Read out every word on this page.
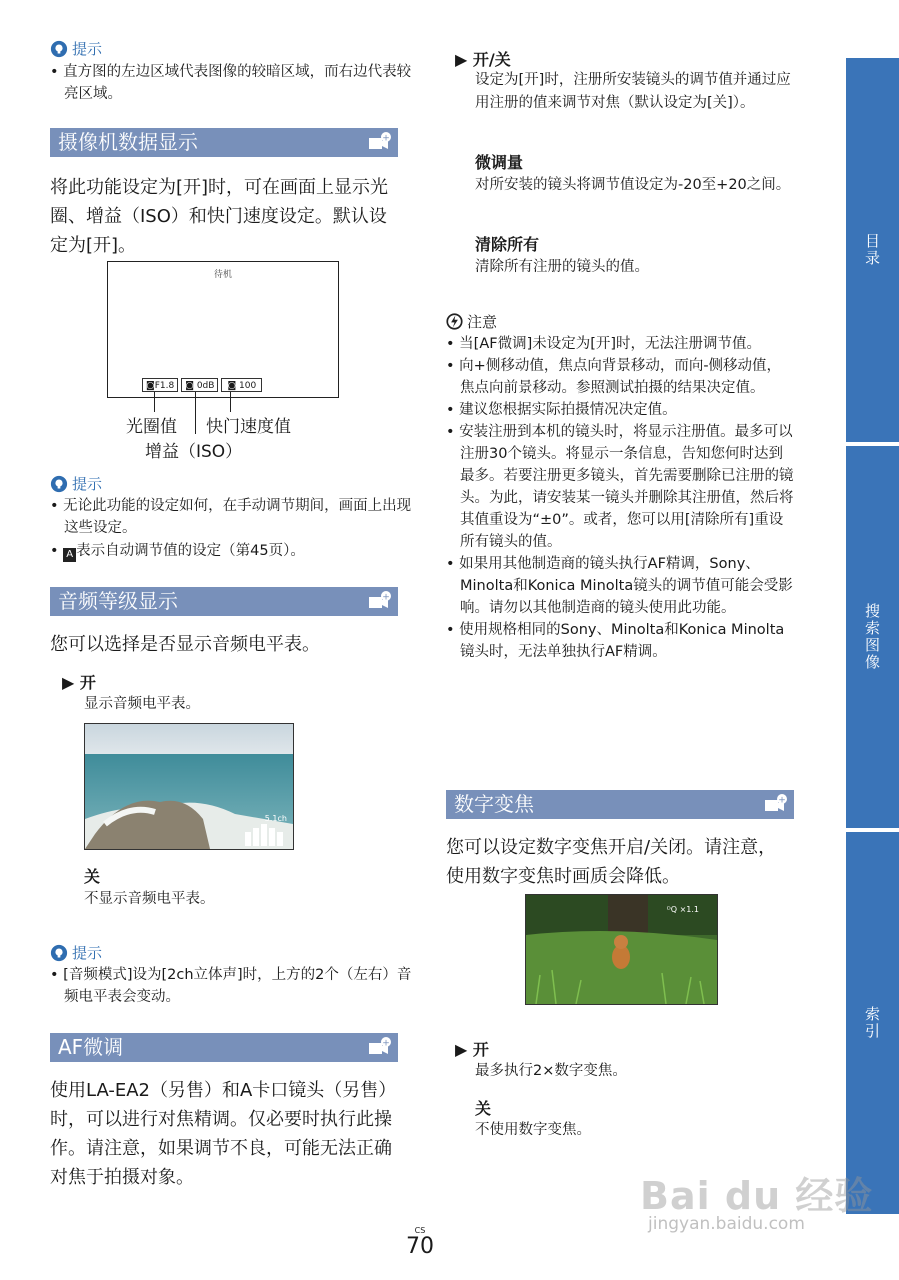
提示
• 直方图的左边区域代表图像的较暗区域，而右边代表较亮区域。
摄像机数据显示	+
将此功能设定为[开]时，可在画面上显示光圈、增益（ISO）和快门速度设定。默认设定为[开]。
待机
◙F1.8	◙ 0dB	◙ 100
光圈值 快门速度值
增益（ISO）
提示
• 无论此功能的设定如何，在手动调节期间，画面上出现这些设定。
• A 表示自动调节值的设定（第45页）。
音频等级显示	+
您可以选择是否显示音频电平表。
▶ 开
显示音频电平表。
5.1ch
关
不显示音频电平表。
提示
• [音频模式]设为[2ch立体声]时，上方的2个（左右）音频电平表会变动。
AF微调	+
使用LA-EA2（另售）和A卡口镜头（另售）时，可以进行对焦精调。仅必要时执行此操作。请注意，如果调节不良，可能无法正确对焦于拍摄对象。
▶ 开/关
设定为[开]时，注册所安装镜头的调节值并通过应用注册的值来调节对焦（默认设定为[关]）。
微调量
对所安装的镜头将调节值设定为-20至+20之间。
清除所有
清除所有注册的镜头的值。
注意
• 当[AF微调]未设定为[开]时，无法注册调节值。
• 向+侧移动值，焦点向背景移动，而向-侧移动值，焦点向前景移动。参照测试拍摄的结果决定值。
• 建议您根据实际拍摄情况决定值。
• 安装注册到本机的镜头时，将显示注册值。最多可以注册30个镜头。将显示一条信息，告知您何时达到最多。若要注册更多镜头，首先需要删除已注册的镜头。为此，请安装某一镜头并删除其注册值，然后将其值重设为“±0”。或者，您可以用[清除所有]重设所有镜头的值。
• 如果用其他制造商的镜头执行AF精调，Sony、Minolta和Konica Minolta镜头的调节值可能会受影响。请勿以其他制造商的镜头使用此功能。
• 使用规格相同的Sony、Minolta和Konica Minolta镜头时，无法单独执行AF精调。
数字变焦	+
您可以设定数字变焦开启/关闭。请注意，使用数字变焦时画质会降低。
ᴰQ ×1.1
▶ 开
最多执行2×数字变焦。
关
不使用数字变焦。
目录
搜索图像
索引
CS
70
Bai du 经验
jingyan.baidu.com
